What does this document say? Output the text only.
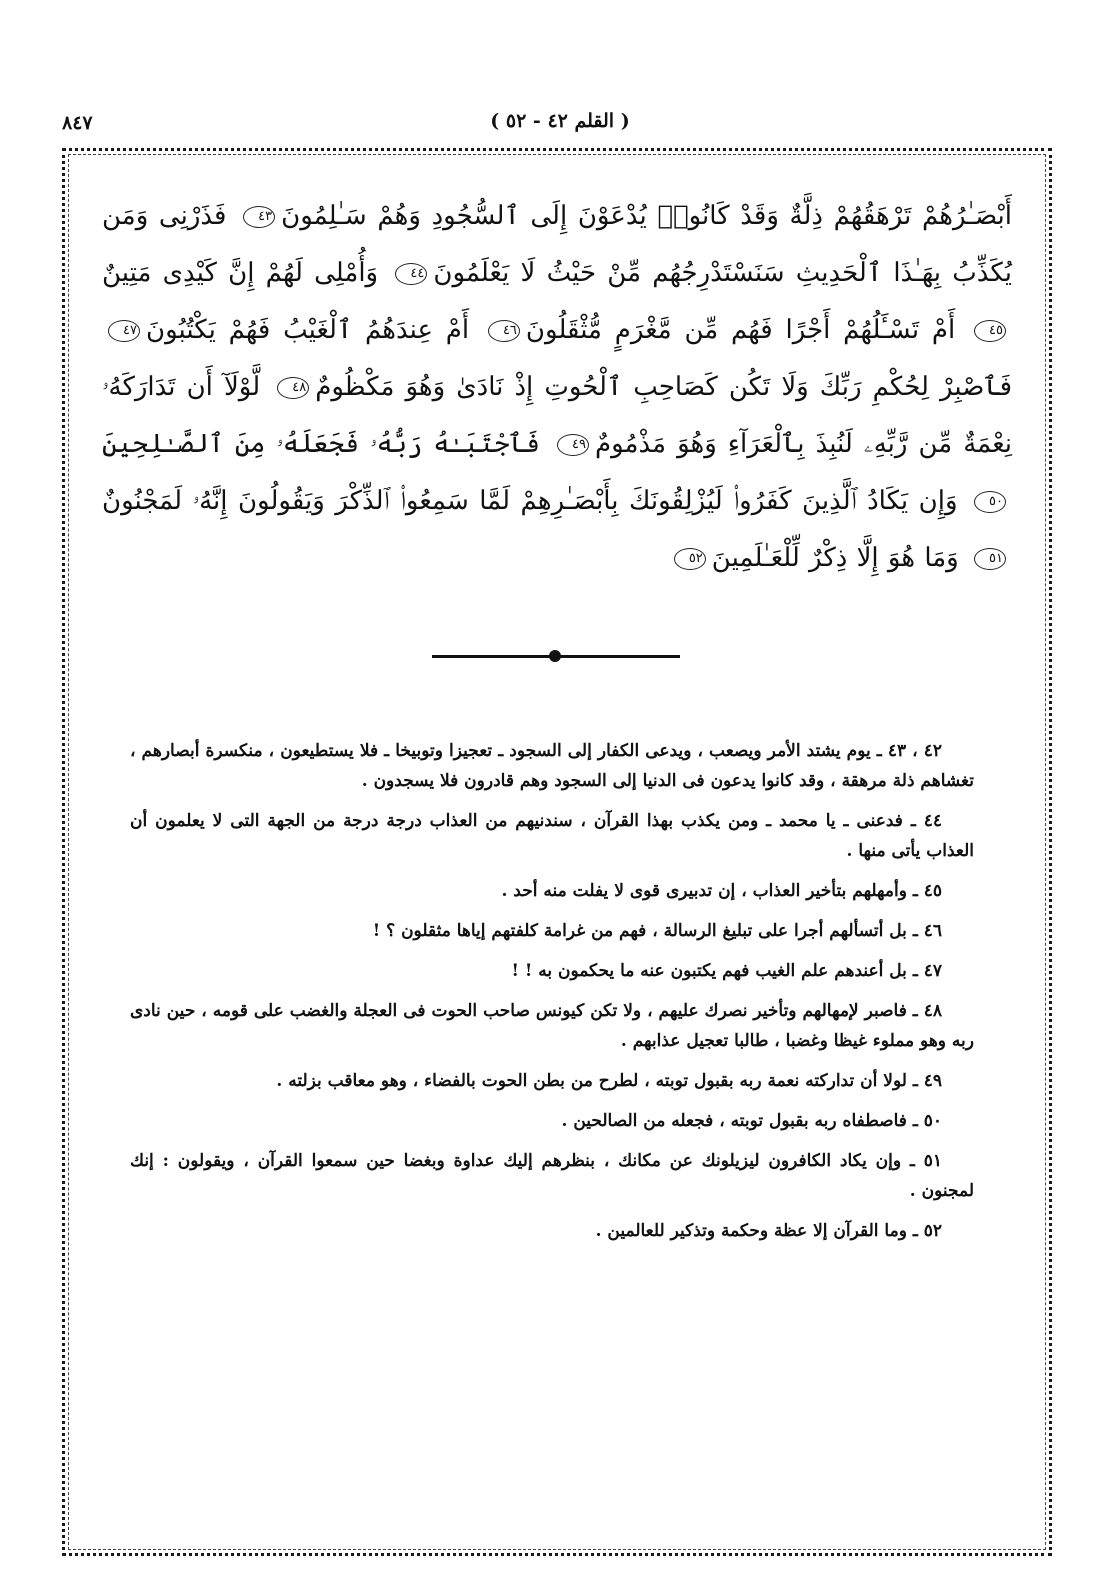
٨٤٧	( القلم ٤٢ - ٥٢ )
أَبْصَـٰرُهُمْ تَرْهَقُهُمْ ذِلَّةٌ وَقَدْ كَانُوا۟ يُدْعَوْنَ إِلَى ٱلسُّجُودِ وَهُمْ سَـٰلِمُونَ٤٣ فَذَرْنِى وَمَن يُكَذِّبُ بِهَـٰذَا ٱلْحَدِيثِ سَنَسْتَدْرِجُهُم مِّنْ حَيْثُ لَا يَعْلَمُونَ٤٤ وَأُمْلِى لَهُمْ إِنَّ كَيْدِى مَتِينٌ٤٥ أَمْ تَسْـَٔلُهُمْ أَجْرًا فَهُم مِّن مَّغْرَمٍ مُّثْقَلُونَ٤٦ أَمْ عِندَهُمُ ٱلْغَيْبُ فَهُمْ يَكْتُبُونَ٤٧ فَٱصْبِرْ لِحُكْمِ رَبِّكَ وَلَا تَكُن كَصَاحِبِ ٱلْحُوتِ إِذْ نَادَىٰ وَهُوَ مَكْظُومٌ٤٨ لَّوْلَآ أَن تَدَارَكَهُۥ نِعْمَةٌ مِّن رَّبِّهِۦ لَنُبِذَ بِٱلْعَرَآءِ وَهُوَ مَذْمُومٌ٤٩ فَٱجْتَبَـٰهُ رَبُّهُۥ فَجَعَلَهُۥ مِنَ ٱلصَّـٰلِحِينَ٥٠ وَإِن يَكَادُ ٱلَّذِينَ كَفَرُوا۟ لَيُزْلِقُونَكَ بِأَبْصَـٰرِهِمْ لَمَّا سَمِعُوا۟ ٱلذِّكْرَ وَيَقُولُونَ إِنَّهُۥ لَمَجْنُونٌ٥١ وَمَا هُوَ إِلَّا ذِكْرٌ لِّلْعَـٰلَمِينَ٥٢

٤٢ ، ٤٣ ـ يوم يشتد الأمر ويصعب ، ويدعى الكفار إلى السجود ـ تعجيزا وتوبيخا ـ فلا يستطيعون ، منكسرة أبصارهم ، تغشاهم ذلة مرهقة ، وقد كانوا يدعون فى الدنيا إلى السجود وهم قادرون فلا يسجدون .

٤٤ ـ فدعنى ـ يا محمد ـ ومن يكذب بهذا القرآن ، سندنيهم من العذاب درجة درجة من الجهة التى لا يعلمون أن العذاب يأتى منها .

٤٥ ـ وأمهلهم بتأخير العذاب ، إن تدبيرى قوى لا يفلت منه أحد .

٤٦ ـ بل أتسألهم أجرا على تبليغ الرسالة ، فهم من غرامة كلفتهم إياها مثقلون ؟ !

٤٧ ـ بل أعندهم علم الغيب فهم يكتبون عنه ما يحكمون به ! !

٤٨ ـ فاصبر لإمهالهم وتأخير نصرك عليهم ، ولا تكن كيونس صاحب الحوت فى العجلة والغضب على قومه ، حين نادى ربه وهو مملوء غيظا وغضبا ، طالبا تعجيل عذابهم .

٤٩ ـ لولا أن تداركته نعمة ربه بقبول توبته ، لطرح من بطن الحوت بالفضاء ، وهو معاقب بزلته .

٥٠ ـ فاصطفاه ربه بقبول توبته ، فجعله من الصالحين .

٥١ ـ وإن يكاد الكافرون ليزيلونك عن مكانك ، بنظرهم إليك عداوة وبغضا حين سمعوا القرآن ، ويقولون : إنك لمجنون .

٥٢ ـ وما القرآن إلا عظة وحكمة وتذكير للعالمين .
